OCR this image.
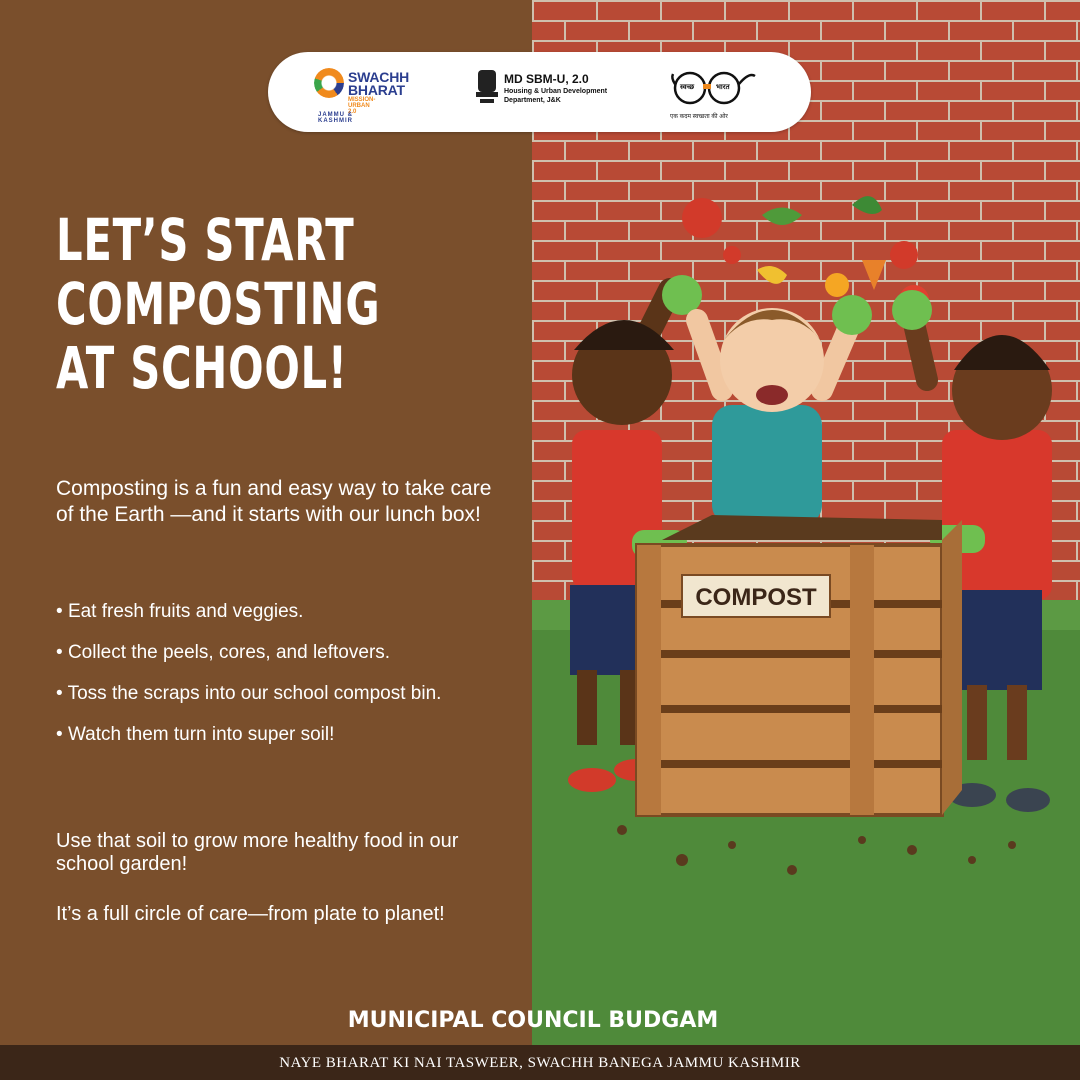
COMPOST
SWACHH
BHARAT
MISSION-URBAN 2.0
JAMMU & KASHMIR
MD SBM-U, 2.0
Housing & Urban Development
Department, J&K
स्वच्छ	भारत
एक कदम स्वच्छता की ओर
LET’S START
COMPOSTING
AT SCHOOL!
Composting is a fun and easy way to take care of the Earth —and it starts with our lunch box!
• Eat fresh fruits and veggies.
• Collect the peels, cores, and leftovers.
• Toss the scraps into our school compost bin.
• Watch them turn into super soil!
Use that soil to grow more healthy food in our school garden!
It’s a full circle of care—from plate to planet!
MUNICIPAL COUNCIL BUDGAM
NAYE BHARAT KI NAI TASWEER, SWACHH BANEGA JAMMU KASHMIR
